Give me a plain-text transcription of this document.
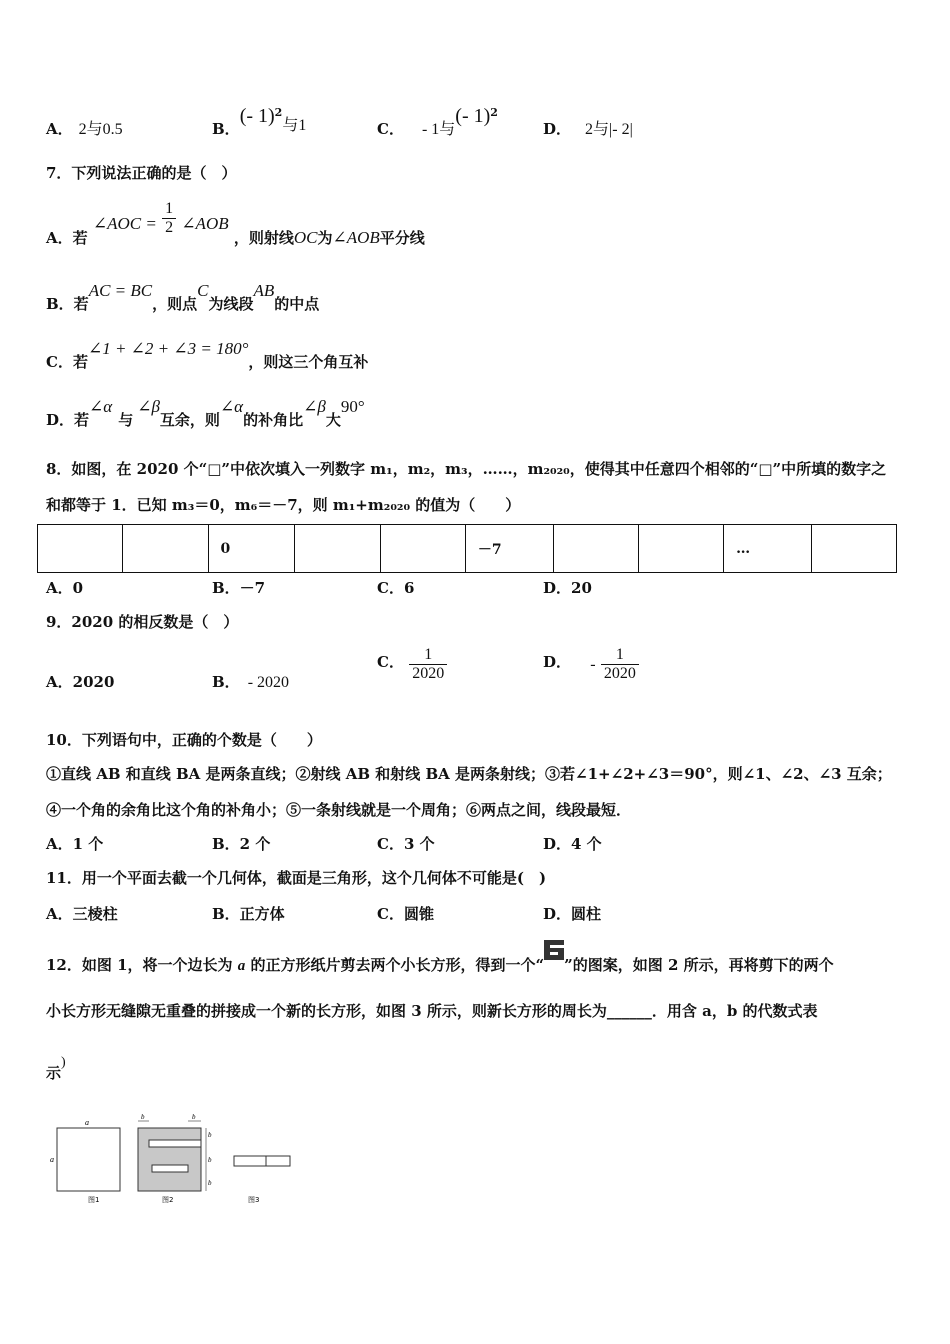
A． 2与0.5	B．(- 1)$^2$与1	C． - 1与(- 1)$^2$
D． 2与|- 2|
7．下列说法正确的是（　）
A．若 ∠AOC = $\frac{1}{2}$ ∠AOB ，则射线OC为∠AOB平分线
B．若AC = BC，则点C为线段AB的中点
C．若∠1 + ∠2 + ∠3 = 180°，则这三个角互补
D．若∠α与∠β互余，则∠α的补角比∠β大90°
8．如图，在 2020 个“□”中依次填入一列数字 m₁，m₂，m₃，……，m₂₀₂₀，使得其中任意四个相邻的“□”中所填的数字之
和都等于 1．已知 m₃＝0，m₆＝－7，则 m₁+m₂₀₂₀ 的值为（　　）
		0			－7			…	
A．0	B．－7	C．6	D．20
9．2020 的相反数是（　）
A．2020	B． - 2020
C． $\frac{1}{2020}$	D． - $\frac{1}{2020}$
10．下列语句中，正确的个数是（　　）
①直线 AB 和直线 BA 是两条直线；②射线 AB 和射线 BA 是两条射线；③若∠1+∠2+∠3＝90°，则∠1、∠2、∠3 互余；
④一个角的余角比这个角的补角小；⑤一条射线就是一个周角；⑥两点之间，线段最短．
A．1 个	B．2 个	C．3 个	D．4 个
11．用一个平面去截一个几何体，截面是三角形，这个几何体不可能是(　)
A．三棱柱	B．正方体	C．圆锥	D．圆柱
12．如图 1，将一个边长为 a 的正方形纸片剪去两个小长方形，得到一个“ ”的图案，如图 2 所示，再将剪下的两个
小长方形无缝隙无重叠的拼接成一个新的长方形，如图 3 所示，则新长方形的周长为______．用含 a，b 的代数式表
示)
a
a
图1
b	b
b
b
b
图2	图3
